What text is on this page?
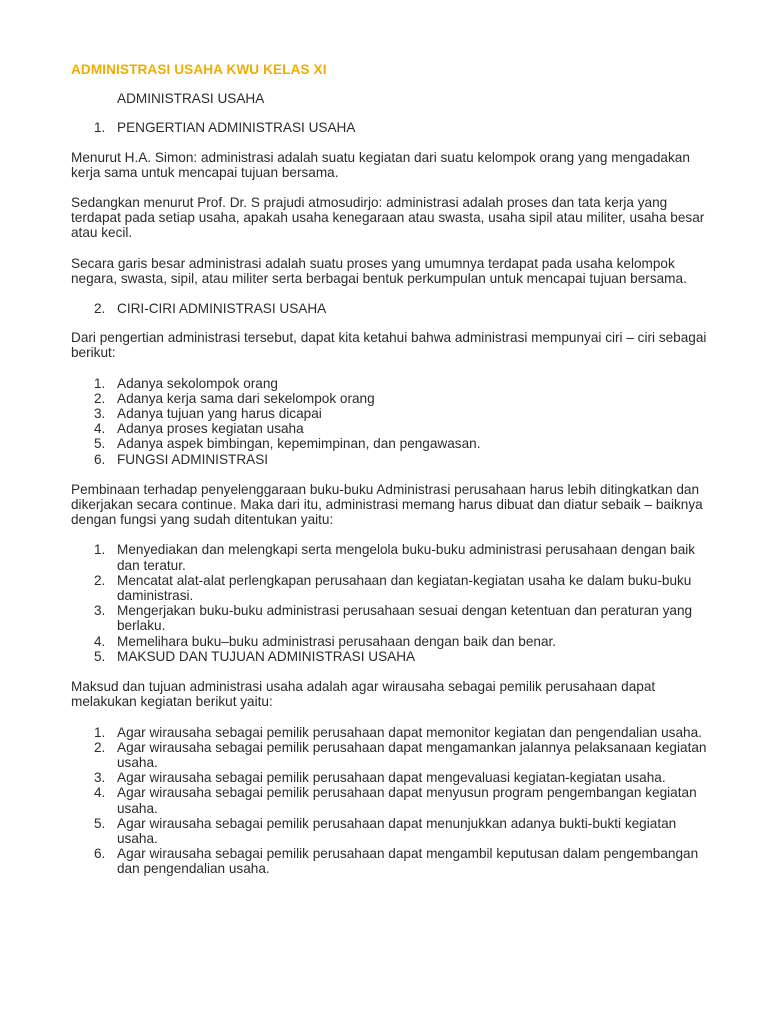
ADMINISTRASI USAHA KWU KELAS XI
ADMINISTRASI USAHA
1. PENGERTIAN ADMINISTRASI USAHA

Menurut H.A. Simon: administrasi adalah suatu kegiatan dari suatu kelompok orang yang mengadakan kerja sama untuk mencapai tujuan bersama.

Sedangkan menurut Prof. Dr. S prajudi atmosudirjo: administrasi adalah proses dan tata kerja yang terdapat pada setiap usaha, apakah usaha kenegaraan atau swasta, usaha sipil atau militer, usaha besar atau kecil.

Secara garis besar administrasi adalah suatu proses yang umumnya terdapat pada usaha kelompok negara, swasta, sipil, atau militer serta berbagai bentuk perkumpulan untuk mencapai tujuan bersama.

2. CIRI-CIRI ADMINISTRASI USAHA

Dari pengertian administrasi tersebut, dapat kita ketahui bahwa administrasi mempunyai ciri – ciri sebagai berikut:

1. Adanya sekolompok orang
2. Adanya kerja sama dari sekelompok orang
3. Adanya tujuan yang harus dicapai
4. Adanya proses kegiatan usaha
5. Adanya aspek bimbingan, kepemimpinan, dan pengawasan.
6. FUNGSI ADMINISTRASI

Pembinaan terhadap penyelenggaraan buku-buku Administrasi perusahaan harus lebih ditingkatkan dan dikerjakan secara continue. Maka dari itu, administrasi memang harus dibuat dan diatur sebaik – baiknya dengan fungsi yang sudah ditentukan yaitu:

1. Menyediakan dan melengkapi serta mengelola buku-buku administrasi perusahaan dengan baik dan teratur.
2. Mencatat alat-alat perlengkapan perusahaan dan kegiatan-kegiatan usaha ke dalam buku-buku daministrasi.
3. Mengerjakan buku-buku administrasi perusahaan sesuai dengan ketentuan dan peraturan yang berlaku.
4. Memelihara buku–buku administrasi perusahaan dengan baik dan benar.
5. MAKSUD DAN TUJUAN ADMINISTRASI USAHA

Maksud dan tujuan administrasi usaha adalah agar wirausaha sebagai pemilik perusahaan dapat melakukan kegiatan berikut yaitu:

1. Agar wirausaha sebagai pemilik perusahaan dapat memonitor kegiatan dan pengendalian usaha.
2. Agar wirausaha sebagai pemilik perusahaan dapat mengamankan jalannya pelaksanaan kegiatan usaha.
3. Agar wirausaha sebagai pemilik perusahaan dapat mengevaluasi kegiatan-kegiatan usaha.
4. Agar wirausaha sebagai pemilik perusahaan dapat menyusun program pengembangan kegiatan usaha.
5. Agar wirausaha sebagai pemilik perusahaan dapat menunjukkan adanya bukti-bukti kegiatan usaha.
6. Agar wirausaha sebagai pemilik perusahaan dapat mengambil keputusan dalam pengembangan dan pengendalian usaha.
